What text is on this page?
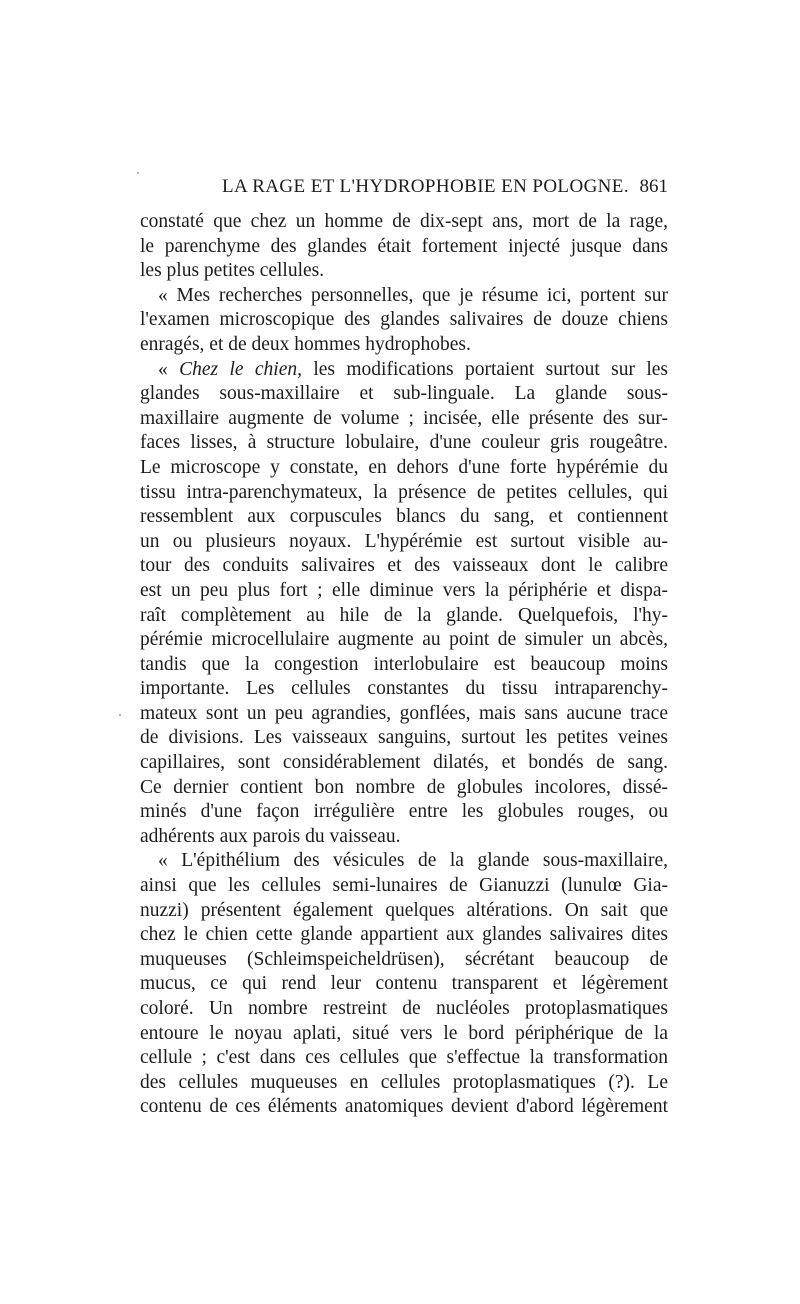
LA RAGE ET L'HYDROPHOBIE EN POLOGNE. 861
constaté que chez un homme de dix-sept ans, mort de la rage,
le parenchyme des glandes était fortement injecté jusque dans
les plus petites cellules.
« Mes recherches personnelles, que je résume ici, portent sur
l'examen microscopique des glandes salivaires de douze chiens
enragés, et de deux hommes hydrophobes.
« Chez le chien, les modifications portaient surtout sur les
glandes sous-maxillaire et sub-linguale. La glande sous-
maxillaire augmente de volume ; incisée, elle présente des sur-
faces lisses, à structure lobulaire, d'une couleur gris rougeâtre.
Le microscope y constate, en dehors d'une forte hypérémie du
tissu intra-parenchymateux, la présence de petites cellules, qui
ressemblent aux corpuscules blancs du sang, et contiennent
un ou plusieurs noyaux. L'hypérémie est surtout visible au-
tour des conduits salivaires et des vaisseaux dont le calibre
est un peu plus fort ; elle diminue vers la périphérie et dispa-
raît complètement au hile de la glande. Quelquefois, l'hy-
pérémie microcellulaire augmente au point de simuler un abcès,
tandis que la congestion interlobulaire est beaucoup moins
importante. Les cellules constantes du tissu intraparenchy-
mateux sont un peu agrandies, gonflées, mais sans aucune trace
de divisions. Les vaisseaux sanguins, surtout les petites veines
capillaires, sont considérablement dilatés, et bondés de sang.
Ce dernier contient bon nombre de globules incolores, dissé-
minés d'une façon irrégulière entre les globules rouges, ou
adhérents aux parois du vaisseau.
« L'épithélium des vésicules de la glande sous-maxillaire,
ainsi que les cellules semi-lunaires de Gianuzzi (lunulœ Gia-
nuzzi) présentent également quelques altérations. On sait que
chez le chien cette glande appartient aux glandes salivaires dites
muqueuses (Schleimspeicheldrüsen), sécrétant beaucoup de
mucus, ce qui rend leur contenu transparent et légèrement
coloré. Un nombre restreint de nucléoles protoplasmatiques
entoure le noyau aplati, situé vers le bord périphérique de la
cellule ; c'est dans ces cellules que s'effectue la transformation
des cellules muqueuses en cellules protoplasmatiques (?). Le
contenu de ces éléments anatomiques devient d'abord légèrement
